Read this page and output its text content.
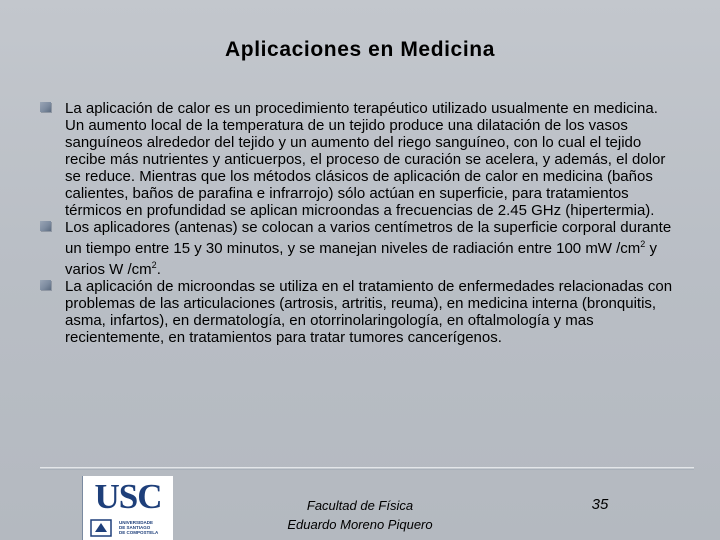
Aplicaciones en Medicina

La aplicación de calor es un procedimiento terapéutico utilizado usualmente en medicina. Un aumento local de la temperatura de un tejido produce una dilatación de los vasos sanguíneos alrededor del tejido y un aumento del riego sanguíneo, con lo cual el tejido recibe más nutrientes y anticuerpos, el proceso de curación se acelera, y además, el dolor se reduce. Mientras que los métodos clásicos de aplicación de calor en medicina (baños calientes, baños de parafina e infrarrojo) sólo actúan en superficie, para tratamientos térmicos en profundidad se aplican microondas a frecuencias de 2.45 GHz (hipertermia).

Los aplicadores (antenas) se colocan a varios centímetros de la superficie corporal durante un tiempo entre 15 y 30 minutos, y se manejan niveles de radiación entre 100 mW $/cm^2$ y varios W $/cm^2$.

La aplicación de microondas se utiliza en el tratamiento de enfermedades relacionadas con problemas de las articulaciones (artrosis, artritis, reuma), en medicina interna (bronquitis, asma, infartos), en dermatología, en otorrinolaringología, en oftalmología y mas recientemente, en tratamientos para tratar tumores cancerígenos.

USC
UNIVERSIDADE
DE SANTIAGO
DE COMPOSTELA
Facultad de Física
Eduardo Moreno Piquero
35
